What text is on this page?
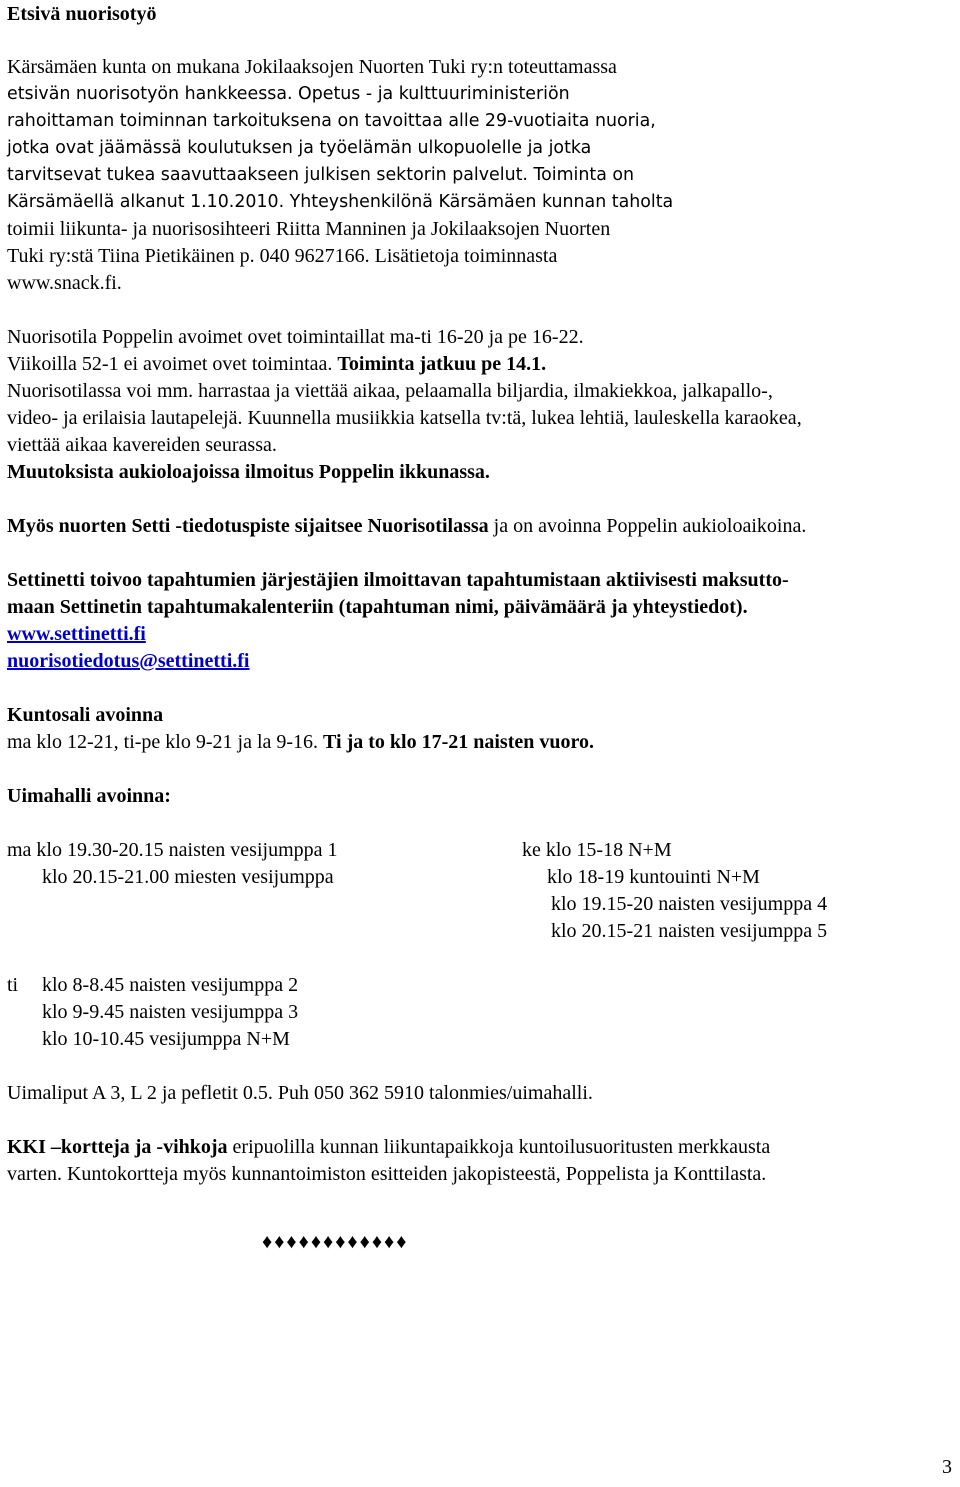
Etsivä nuorisotyö
Kärsämäen kunta on mukana Jokilaaksojen Nuorten Tuki ry:n toteuttamassa
etsivän nuorisotyön hankkeessa. Opetus - ja kulttuuriministeriön
rahoittaman toiminnan tarkoituksena on tavoittaa alle 29-vuotiaita nuoria,
jotka ovat jäämässä koulutuksen ja työelämän ulkopuolelle ja jotka
tarvitsevat tukea saavuttaakseen julkisen sektorin palvelut. Toiminta on
Kärsämäellä alkanut 1.10.2010. Yhteyshenkilönä Kärsämäen kunnan taholta
toimii liikunta- ja nuorisosihteeri Riitta Manninen ja Jokilaaksojen Nuorten
Tuki ry:stä Tiina Pietikäinen p. 040 9627166. Lisätietoja toiminnasta
www.snack.fi.
Nuorisotila Poppelin avoimet ovet toimintaillat ma-ti 16-20 ja pe 16-22.
Viikoilla 52-1 ei avoimet ovet toimintaa. Toiminta jatkuu pe 14.1.
Nuorisotilassa voi mm. harrastaa ja viettää aikaa, pelaamalla biljardia, ilmakiekkoa, jalkapallo-,
video- ja erilaisia lautapelejä. Kuunnella musiikkia katsella tv:tä, lukea lehtiä, lauleskella karaokea,
viettää aikaa kavereiden seurassa.
Muutoksista aukioloajoissa ilmoitus Poppelin ikkunassa.
Myös nuorten Setti -tiedotuspiste sijaitsee Nuorisotilassa ja on avoinna Poppelin aukioloaikoina.
Settinetti toivoo tapahtumien järjestäjien ilmoittavan tapahtumistaan aktiivisesti maksutto-
maan Settinetin tapahtumakalenteriin (tapahtuman nimi, päivämäärä ja yhteystiedot).
www.settinetti.fi
nuorisotiedotus@settinetti.fi
Kuntosali avoinna
ma klo 12-21, ti-pe klo 9-21 ja la 9-16. Ti ja to klo 17-21 naisten vuoro.
Uimahalli avoinna:
ma klo 19.30-20.15 naisten vesijumppa 1
klo 20.15-21.00 miesten vesijumppa
ke klo 15-18 N+M
klo 18-19 kuntouinti N+M
klo 19.15-20 naisten vesijumppa 4
klo 20.15-21 naisten vesijumppa 5
ti klo 8-8.45 naisten vesijumppa 2
klo 9-9.45 naisten vesijumppa 3
klo 10-10.45 vesijumppa N+M
Uimaliput A 3, L 2 ja pefletit 0.5. Puh 050 362 5910 talonmies/uimahalli.
KKI –kortteja ja -vihkoja eripuolilla kunnan liikuntapaikkoja kuntoilusuoritusten merkkausta
varten. Kuntokortteja myös kunnantoimiston esitteiden jakopisteestä, Poppelista ja Konttilasta.
♦♦♦♦♦♦♦♦♦♦♦♦
3
